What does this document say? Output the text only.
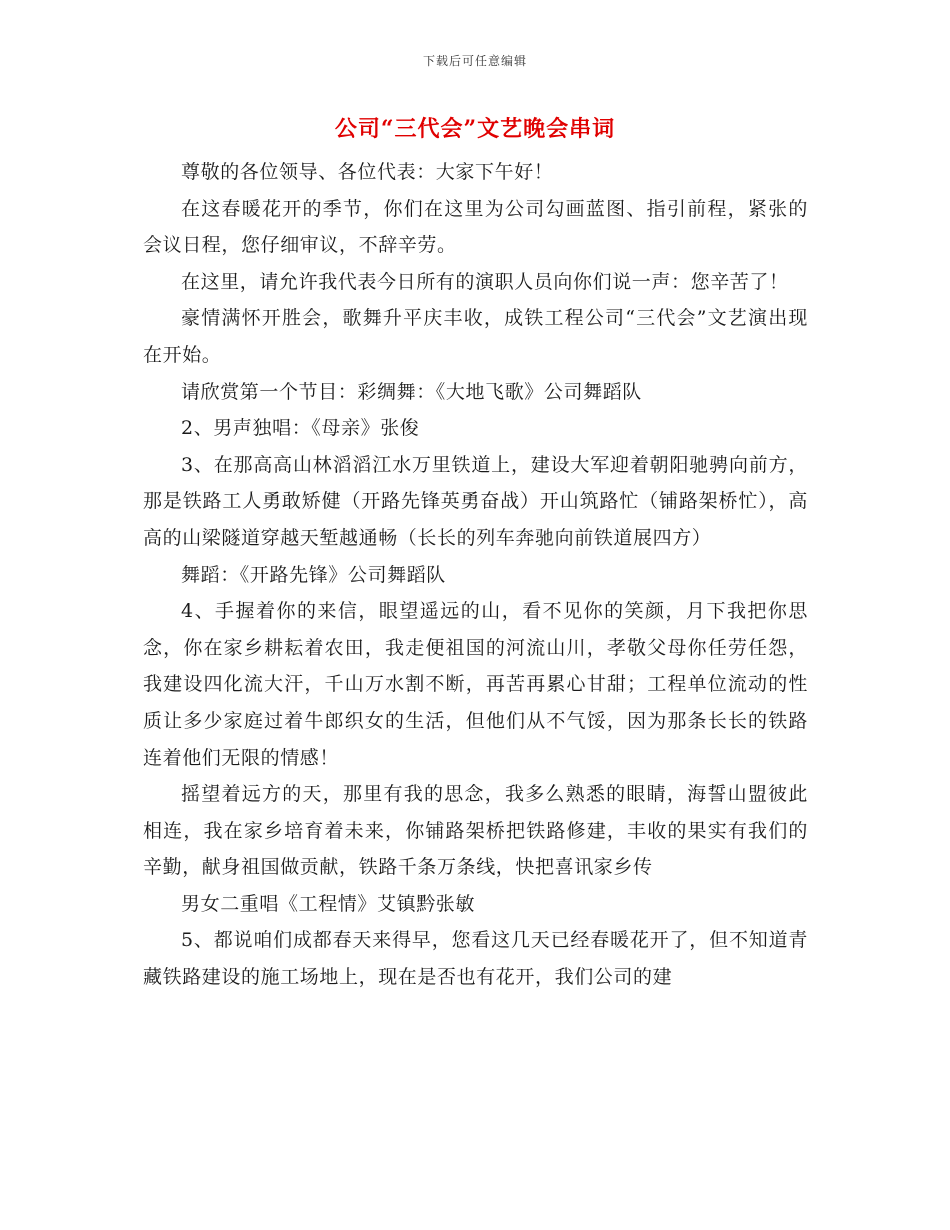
下载后可任意编辑
公司“三代会”文艺晚会串词

尊敬的各位领导、各位代表：大家下午好！

在这春暖花开的季节，你们在这里为公司勾画蓝图、指引前程，紧张的会议日程，您仔细审议，不辞辛劳。

在这里，请允许我代表今日所有的演职人员向你们说一声：您辛苦了！

豪情满怀开胜会，歌舞升平庆丰收，成铁工程公司“三代会”文艺演出现在开始。

请欣赏第一个节目：彩绸舞：《大地飞歌》公司舞蹈队

2、男声独唱：《母亲》张俊

3、在那高高山林滔滔江水万里铁道上，建设大军迎着朝阳驰骋向前方，那是铁路工人勇敢矫健（开路先锋英勇奋战）开山筑路忙（铺路架桥忙），高高的山梁隧道穿越天堑越通畅（长长的列车奔驰向前铁道展四方）

舞蹈：《开路先锋》公司舞蹈队

4、手握着你的来信，眼望遥远的山，看不见你的笑颜，月下我把你思念，你在家乡耕耘着农田，我走便祖国的河流山川，孝敬父母你任劳任怨，我建设四化流大汗，千山万水割不断，再苦再累心甘甜；工程单位流动的性质让多少家庭过着牛郎织女的生活，但他们从不气馁，因为那条长长的铁路连着他们无限的情感！

摇望着远方的天，那里有我的思念，我多么熟悉的眼睛，海誓山盟彼此相连，我在家乡培育着未来，你铺路架桥把铁路修建，丰收的果实有我们的辛勤，献身祖国做贡献，铁路千条万条线，快把喜讯家乡传

男女二重唱《工程情》艾镇黔张敏

5、都说咱们成都春天来得早，您看这几天已经春暖花开了，但不知道青藏铁路建设的施工场地上，现在是否也有花开，我们公司的建
